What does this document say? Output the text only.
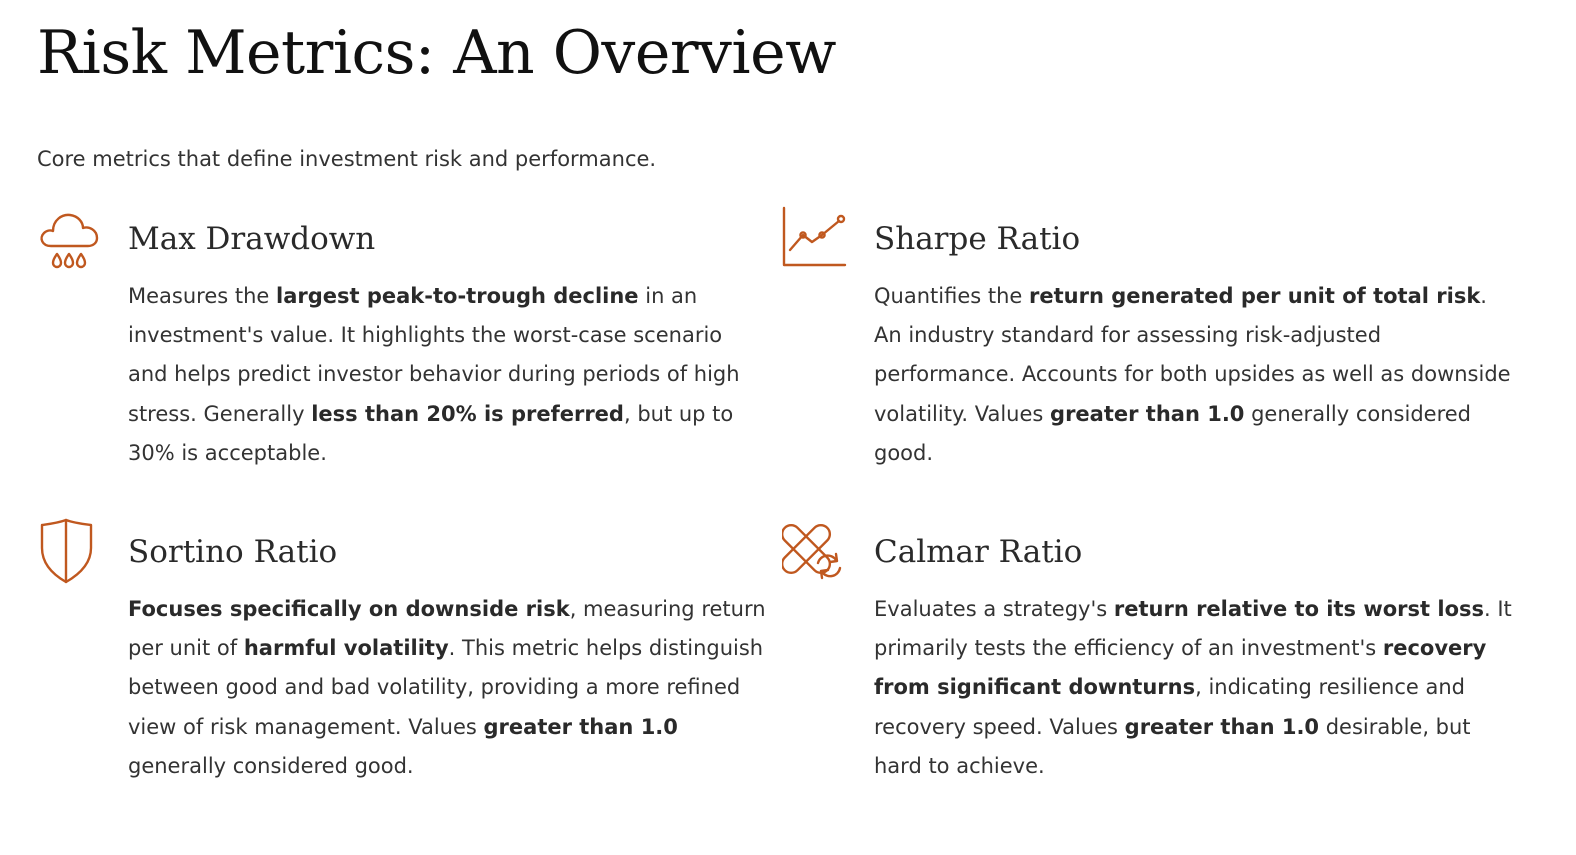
Risk Metrics: An Overview

Core metrics that define investment risk and performance.

Max Drawdown

Measures the largest peak-to-trough decline in an investment's value. It highlights the worst-case scenario and helps predict investor behavior during periods of high stress. Generally less than 20% is preferred, but up to 30% is acceptable.

Sharpe Ratio

Quantifies the return generated per unit of total risk. An industry standard for assessing risk-adjusted performance. Accounts for both upsides as well as downside volatility. Values greater than 1.0 generally considered good.

Sortino Ratio

Focuses specifically on downside risk, measuring return per unit of harmful volatility. This metric helps distinguish between good and bad volatility, providing a more refined view of risk management. Values greater than 1.0 generally considered good.

Calmar Ratio

Evaluates a strategy's return relative to its worst loss. It primarily tests the efficiency of an investment's recovery from significant downturns, indicating resilience and recovery speed. Values greater than 1.0 desirable, but hard to achieve.
